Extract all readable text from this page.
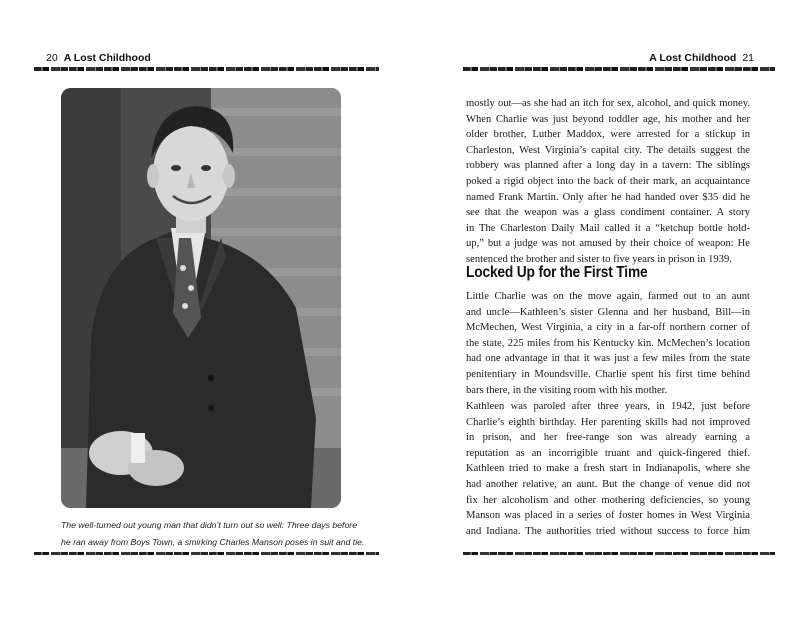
20 A Lost Childhood
The well-turned out young man that didn’t turn out so well: Three days before
he ran away from Boys Town, a smirking Charles Manson poses in suit and tie.
A Lost Childhood 21
mostly out—as she had an itch for sex, alcohol, and quick money.
When Charlie was just beyond toddler age, his mother and her
older brother, Luther Maddox, were arrested for a stickup in
Charleston, West Virginia’s capital city. The details suggest the
robbery was planned after a long day in a tavern: The siblings
poked a rigid object into the back of their mark, an acquaintance
named Frank Martin. Only after he had handed over $35 did he
see that the weapon was a glass condiment container. A story
in The Charleston Daily Mail called it a “ketchup bottle hold-
up,” but a judge was not amused by their choice of weapon: He
sentenced the brother and sister to five years in prison in 1939.
Locked Up for the First Time
Little Charlie was on the move again, farmed out to an aunt
and uncle—Kathleen’s sister Glenna and her husband, Bill—in
McMechen, West Virginia, a city in a far-off northern corner of
the state, 225 miles from his Kentucky kin. McMechen’s location
had one advantage in that it was just a few miles from the state
penitentiary in Moundsville. Charlie spent his first time behind
bars there, in the visiting room with his mother.
Kathleen was paroled after three years, in 1942, just before
Charlie’s eighth birthday. Her parenting skills had not improved
in prison, and her free-range son was already earning a
reputation as an incorrigible truant and quick-fingered thief.
Kathleen tried to make a fresh start in Indianapolis, where she
had another relative, an aunt. But the change of venue did not
fix her alcoholism and other mothering deficiencies, so young
Manson was placed in a series of foster homes in West Virginia
and Indiana. The authorities tried without success to force him
